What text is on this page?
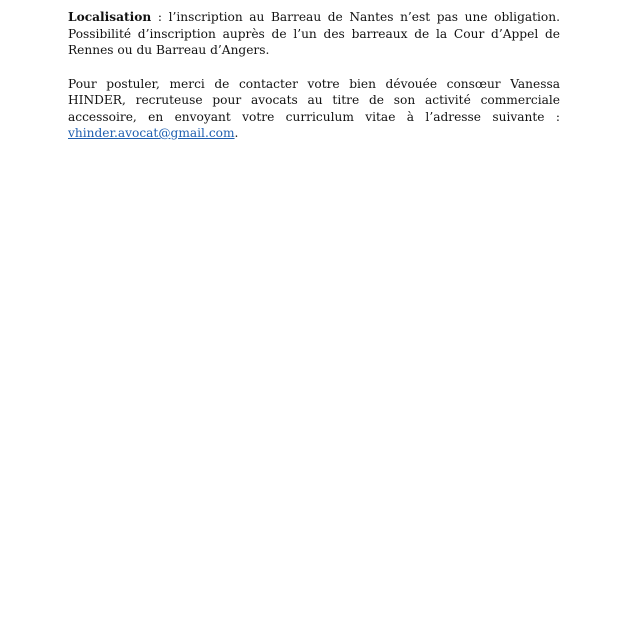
Localisation : l’inscription au Barreau de Nantes n’est pas une obligation. Possibilité d’inscription auprès de l’un des barreaux de la Cour d’Appel de Rennes ou du Barreau d’Angers.

Pour postuler, merci de contacter votre bien dévouée consœur Vanessa HINDER, recruteuse pour avocats au titre de son activité commerciale accessoire, en envoyant votre curriculum vitae à l’adresse suivante : vhinder.avocat@gmail.com.
